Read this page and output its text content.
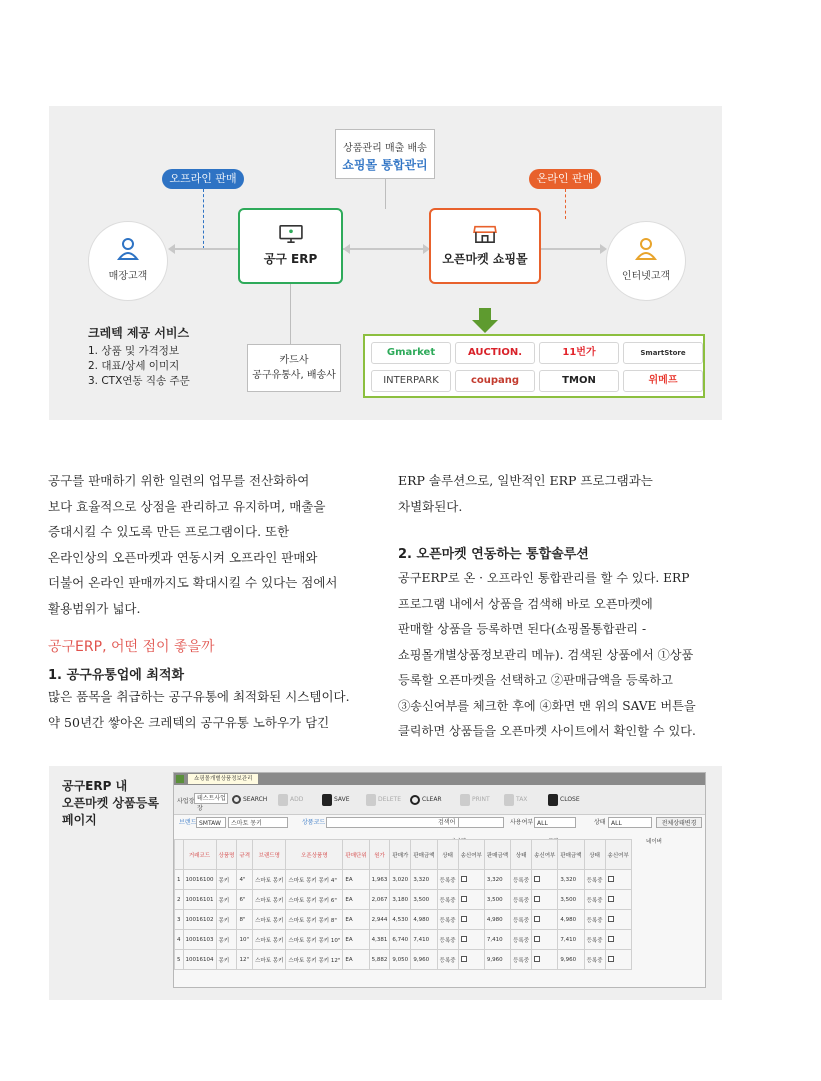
상품관리 매출 배송
쇼핑몰 통합관리
오프라인 판매	온라인 판매
매장고객	인터넷고객
공구 ERP	오픈마켓 쇼핑몰
크레텍 제공 서비스
1. 상품 및 가격정보
2. 대표/상세 이미지
3. CTX연동 직송 주문
카드사
공구유통사, 배송사
Gmarket	AUCTION.	11번가	SmartStore
INTERPARK	coupang	TMON	위메프
공구를 판매하기 위한 일련의 업무를 전산화하여
보다 효율적으로 상점을 관리하고 유지하며, 매출을
증대시킬 수 있도록 만든 프로그램이다. 또한
온라인상의 오픈마켓과 연동시켜 오프라인 판매와
더불어 온라인 판매까지도 확대시킬 수 있다는 점에서
활용범위가 넓다.
공구ERP, 어떤 점이 좋을까
1. 공구유통업에 최적화
많은 품목을 취급하는 공구유통에 최적화된 시스템이다.
약 50년간 쌓아온 크레텍의 공구유통 노하우가 담긴
ERP 솔루션으로, 일반적인 ERP 프로그램과는
차별화된다.
2. 오픈마켓 연동하는 통합솔루션
공구ERP로 온 · 오프라인 통합관리를 할 수 있다. ERP
프로그램 내에서 상품을 검색해 바로 오픈마켓에
판매할 상품을 등록하면 된다(쇼핑몰통합관리 -
쇼핑몰개별상품정보관리 메뉴). 검색된 상품에서 ①상품
등록할 오픈마켓을 선택하고 ②판매금액을 등록하고
③송신여부를 체크한 후에 ④화면 맨 위의 SAVE 버튼을
클릭하면 상품들을 오픈마켓 사이트에서 확인할 수 있다.
공구ERP 내
오픈마켓 상품등록
페이지
쇼핑몰개별상품정보관리
사업장 테스트사업장
SEARCH	ADD	SAVE	DELETE	CLEAR	PRINT	TAX	CLOSE
브랜드 SMTAW	스마토 몽키	상품코드	검색어	사용여부 ALL	상태 ALL	전체상태변경
네이버
	거래코드	상품명	규격	브랜드명	오픈상품명	판매단위	원가	판매가	판매금액	상태	송신여부	판매금액	상태	송신여부	판매금액	상태	송신여부
1	10016100	몽키	4"	스마토 몽키	스마토 몽키 몽키 4"	EA	1,963	3,020	3,320	등록중		3,320	등록중		3,320	등록중	
2	10016101	몽키	6"	스마토 몽키	스마토 몽키 몽키 6"	EA	2,067	3,180	3,500	등록중		3,500	등록중		3,500	등록중	
3	10016102	몽키	8"	스마토 몽키	스마토 몽키 몽키 8"	EA	2,944	4,530	4,980	등록중		4,980	등록중		4,980	등록중	
4	10016103	몽키	10"	스마토 몽키	스마토 몽키 몽키 10"	EA	4,381	6,740	7,410	등록중		7,410	등록중		7,410	등록중	
5	10016104	몽키	12"	스마토 몽키	스마토 몽키 몽키 12"	EA	5,882	9,050	9,960	등록중		9,960	등록중		9,960	등록중	
